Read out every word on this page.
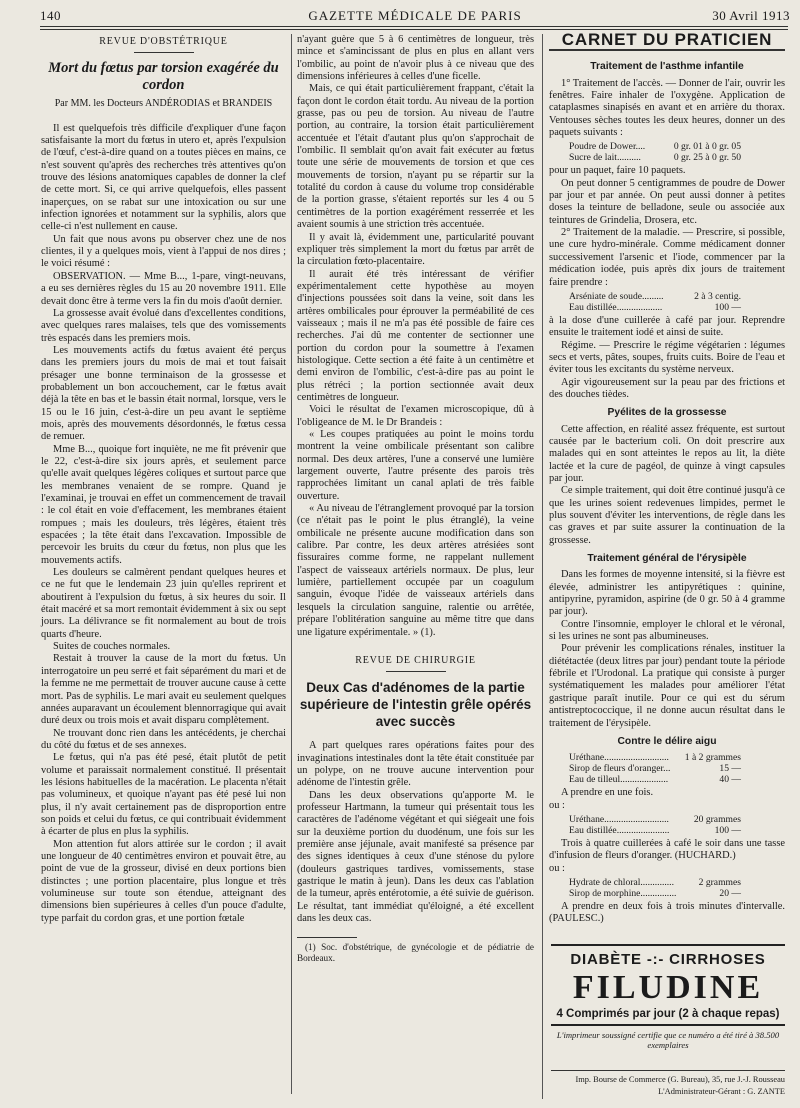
140	GAZETTE MÉDICALE DE PARIS	30 Avril 1913
REVUE D'OBSTÉTRIQUE
Mort du fœtus par torsion exagérée du cordon
Par MM. les Docteurs ANDÉRODIAS et BRANDEIS

Il est quelquefois très difficile d'expliquer d'une façon satisfaisante la mort du fœtus in utero et, après l'expulsion de l'œuf, c'est-à-dire quand on a toutes pièces en mains, ce n'est souvent qu'après des recherches très attentives qu'on trouve des lésions anatomiques capables de donner la clef de cette mort. Si, ce qui arrive quelquefois, elles passent inaperçues, on se rabat sur une intoxication ou sur une infection ignorées et notamment sur la syphilis, alors que celle-ci n'est nullement en cause.

Un fait que nous avons pu observer chez une de nos clientes, il y a quelques mois, vient à l'appui de nos dires ; le voici résumé :

OBSERVATION. — Mme B..., 1-pare, vingt-neuvans, a eu ses dernières règles du 15 au 20 novembre 1911. Elle devait donc être à terme vers la fin du mois d'août dernier.

La grossesse avait évolué dans d'excellentes conditions, avec quelques rares malaises, tels que des vomissements très espacés dans les premiers mois.

Les mouvements actifs du fœtus avaient été perçus dans les premiers jours du mois de mai et tout faisait présager une bonne terminaison de la grossesse et probablement un bon accouchement, car le fœtus avait déjà la tête en bas et le bassin était normal, lorsque, vers le 15 ou le 16 juin, c'est-à-dire un peu avant le septième mois, après des mouvements désordonnés, le fœtus cessa de remuer.

Mme B..., quoique fort inquiète, ne me fit prévenir que le 22, c'est-à-dire six jours après, et seulement parce qu'elle avait quelques légères coliques et surtout parce que les membranes venaient de se rompre. Quand je l'examinai, je trouvai en effet un commencement de travail : le col était en voie d'effacement, les membranes étaient rompues ; mais les douleurs, très légères, étaient très espacées ; la tête était dans l'excavation. Impossible de percevoir les bruits du cœur du fœtus, non plus que les mouvements actifs.

Les douleurs se calmèrent pendant quelques heures et ce ne fut que le lendemain 23 juin qu'elles reprirent et aboutirent à l'expulsion du fœtus, à six heures du soir. Il était macéré et sa mort remontait évidemment à six ou sept jours. La délivrance se fit normalement au bout de trois quarts d'heure.

Suites de couches normales.

Restait à trouver la cause de la mort du fœtus. Un interrogatoire un peu serré et fait séparément du mari et de la femme ne me permettait de trouver aucune cause à cette mort. Pas de syphilis. Le mari avait eu seulement quelques années auparavant un écoulement blennorragique qui avait duré deux ou trois mois et avait disparu complètement.

Ne trouvant donc rien dans les antécédents, je cherchai du côté du fœtus et de ses annexes.

Le fœtus, qui n'a pas été pesé, était plutôt de petit volume et paraissait normalement constitué. Il présentait les lésions habituelles de la macération. Le placenta n'était pas volumineux, et quoique n'ayant pas été pesé lui non plus, il n'y avait certainement pas de disproportion entre son poids et celui du fœtus, ce qui contribuait évidemment à écarter de plus en plus la syphilis.

Mon attention fut alors attirée sur le cordon ; il avait une longueur de 40 centimètres environ et pouvait être, au point de vue de la grosseur, divisé en deux portions bien distinctes ; une portion placentaire, plus longue et très volumineuse sur toute son étendue, atteignant des dimensions bien supérieures à celles d'un pouce d'adulte, type parfait du cordon gras, et une portion fœtale

n'ayant guère que 5 à 6 centimètres de longueur, très mince et s'amincissant de plus en plus en allant vers l'ombilic, au point de n'avoir plus à ce niveau que des dimensions inférieures à celles d'une ficelle.

Mais, ce qui était particulièrement frappant, c'était la façon dont le cordon était tordu. Au niveau de la portion grasse, pas ou peu de torsion. Au niveau de l'autre portion, au contraire, la torsion était particulièrement accentuée et l'était d'autant plus qu'on s'approchait de l'ombilic. Il semblait qu'on avait fait exécuter au fœtus toute une série de mouvements de torsion et que ces mouvements de torsion, n'ayant pu se répartir sur la totalité du cordon à cause du volume trop considérable de la portion grasse, s'étaient reportés sur les 4 ou 5 centimètres de la portion exagérément resserrée et les avaient soumis à une striction très accentuée.

Il y avait là, évidemment une, particularité pouvant expliquer très simplement la mort du fœtus par arrêt de la circulation fœto-placentaire.

Il aurait été très intéressant de vérifier expérimentalement cette hypothèse au moyen d'injections poussées soit dans la veine, soit dans les artères ombilicales pour éprouver la perméabilité de ces vaisseaux ; mais il ne m'a pas été possible de faire ces recherches. J'ai dû me contenter de sectionner une portion du cordon pour la soumettre à l'examen histologique. Cette section a été faite à un centimètre et demi environ de l'ombilic, c'est-à-dire pas au point le plus rétréci ; la portion sectionnée avait deux centimètres de longueur.

Voici le résultat de l'examen microscopique, dû à l'obligeance de M. le Dr Brandeis :

« Les coupes pratiquées au point le moins tordu montrent la veine ombilicale présentant son calibre normal. Des deux artères, l'une a conservé une lumière largement ouverte, l'autre présente des parois très rapprochées limitant un canal aplati de très faible ouverture.

« Au niveau de l'étranglement provoqué par la torsion (ce n'était pas le point le plus étranglé), la veine ombilicale ne présente aucune modification dans son calibre. Par contre, les deux artères atrésiées sont fissuraires comme forme, ne rappelant nullement l'aspect de vaisseaux artériels normaux. De plus, leur lumière, partiellement occupée par un coagulum sanguin, évoque l'idée de vaisseaux artériels dans lesquels la circulation sanguine, ralentie ou arrêtée, prépare l'oblitération sanguine au même titre que dans une ligature expérimentale. » (1).

REVUE DE CHIRURGIE
Deux Cas d'adénomes de la partie supérieure de l'intestin grêle opérés avec succès

A part quelques rares opérations faites pour des invaginations intestinales dont la tête était constituée par un polype, on ne trouve aucune intervention pour adénome de l'intestin grêle.

Dans les deux observations qu'apporte M. le professeur Hartmann, la tumeur qui présentait tous les caractères de l'adénome végétant et qui siégeait une fois sur la deuxième portion du duodénum, une fois sur les première anse jéjunale, avait manifesté sa présence par des signes identiques à ceux d'une sténose du pylore (douleurs gastriques tardives, vomissements, stase gastrique le matin à jeun). Dans les deux cas l'ablation de la tumeur, après entérotomie, a été suivie de guérison. Le résultat, tant immédiat qu'éloigné, a été excellent dans les deux cas.

(1) Soc. d'obstétrique, de gynécologie et de pédiatrie de Bordeaux.

CARNET DU PRATICIEN
Traitement de l'asthme infantile

1° Traitement de l'accès. — Donner de l'air, ouvrir les fenêtres. Faire inhaler de l'oxygène. Application de cataplasmes sinapisés en avant et en arrière du thorax. Ventouses sèches toutes les deux heures, donner un des paquets suivants :

Poudre de Dower....	0 gr. 01 à 0 gr. 05
Sucre de lait..........	0 gr. 25 à 0 gr. 50

pour un paquet, faire 10 paquets.

On peut donner 5 centigrammes de poudre de Dower par jour et par année. On peut aussi donner à petites doses la teinture de belladone, seule ou associée aux teintures de Grindelia, Drosera, etc.

2° Traitement de la maladie. — Prescrire, si possible, une cure hydro-minérale. Comme médicament donner successivement l'arsenic et l'iode, commencer par la médication iodée, puis après dix jours de traitement faire prendre :

Arséniate de soude.........	2 à 3 centig.
Eau distillée...................	100 —

à la dose d'une cuillerée à café par jour. Reprendre ensuite le traitement iodé et ainsi de suite.

Régime. — Prescrire le régime végétarien : légumes secs et verts, pâtes, soupes, fruits cuits. Boire de l'eau et éviter tous les excitants du système nerveux.

Agir vigoureusement sur la peau par des frictions et des douches tièdes.

Pyélites de la grossesse

Cette affection, en réalité assez fréquente, est surtout causée par le bacterium coli. On doit prescrire aux malades qui en sont atteintes le repos au lit, la diète lactée et la cure de pagéol, de quinze à vingt capsules par jour.

Ce simple traitement, qui doit être continué jusqu'à ce que les urines soient redevenues limpides, permet le plus souvent d'éviter les interventions, de règle dans les cas graves et par suite assurer la continuation de la grossesse.

Traitement général de l'érysipèle

Dans les formes de moyenne intensité, si la fièvre est élevée, administrer les antipyrétiques : quinine, antipyrine, pyramidon, aspirine (de 0 gr. 50 à 4 gramme par jour).

Contre l'insomnie, employer le chloral et le véronal, si les urines ne sont pas albumineuses.

Pour prévenir les complications rénales, instituer la diététactée (deux litres par jour) pendant toute la période fébrile et l'Urodonal. La pratique qui consiste à purger systématiquement les malades pour améliorer l'état gastrique paraît inutile. Pour ce qui est du sérum antistreptococcique, il ne donne aucun résultat dans le traitement de l'érysipèle.

Contre le délire aigu
Uréthane...........................	1 à 2 grammes
Sirop de fleurs d'oranger...	15 —
Eau de tilleul....................	40 —

A prendre en une fois.

ou :

Uréthane...........................	20 grammes
Eau distillée......................	100 —

Trois à quatre cuillerées à café le soir dans une tasse d'infusion de fleurs d'oranger. (HUCHARD.)

ou :

Hydrate de chloral..............	2 grammes
Sirop de morphine...............	20 —

A prendre en deux fois à trois minutes d'intervalle. (PAULESC.)

DIABÈTE -:- CIRRHOSES
FILUDINE
4 Comprimés par jour (2 à chaque repas)
L'imprimeur soussigné certifie que ce numéro a été tiré à 38.500 exemplaires
Imp. Bourse de Commerce (G. Bureau), 35, rue J.-J. Rousseau
L'Administrateur-Gérant : G. ZANTE
